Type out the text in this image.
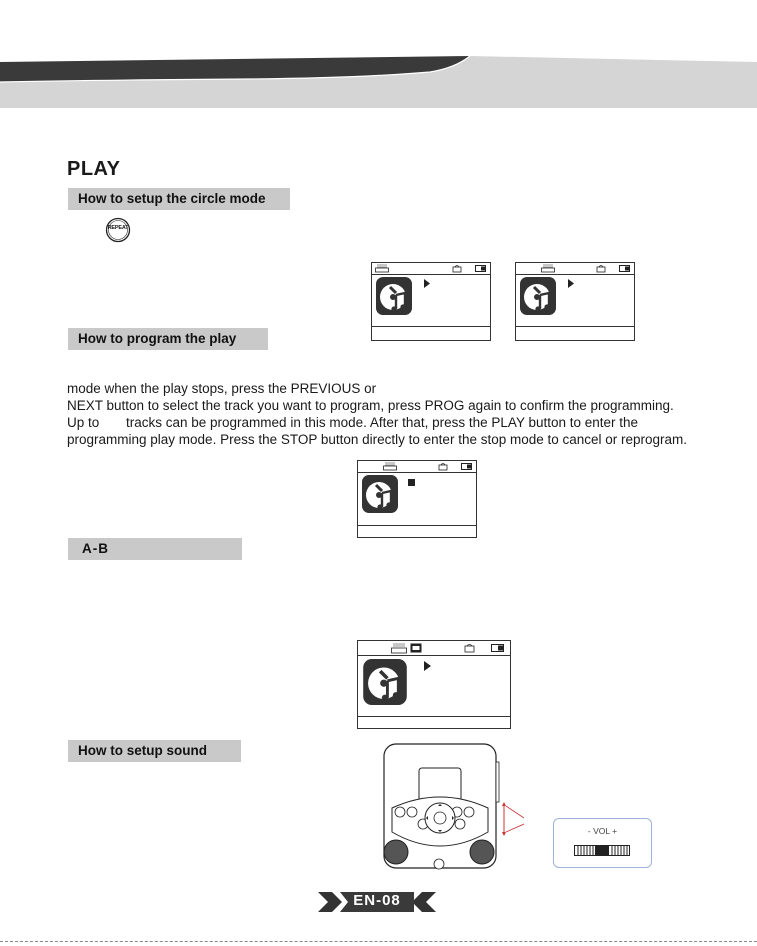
PLAY
How to setup the circle mode
REPEAT
How to program the play
mode when the play stops, press the PREVIOUS or
NEXT button to select the track you want to program, press PROG again to confirm the programming.
Up to tracks can be programmed in this mode. After that, press the PLAY button to enter the
programming play mode. Press the STOP button directly to enter the stop mode to cancel or reprogram.
A-B
How to setup sound
- VOL +
EN-08
